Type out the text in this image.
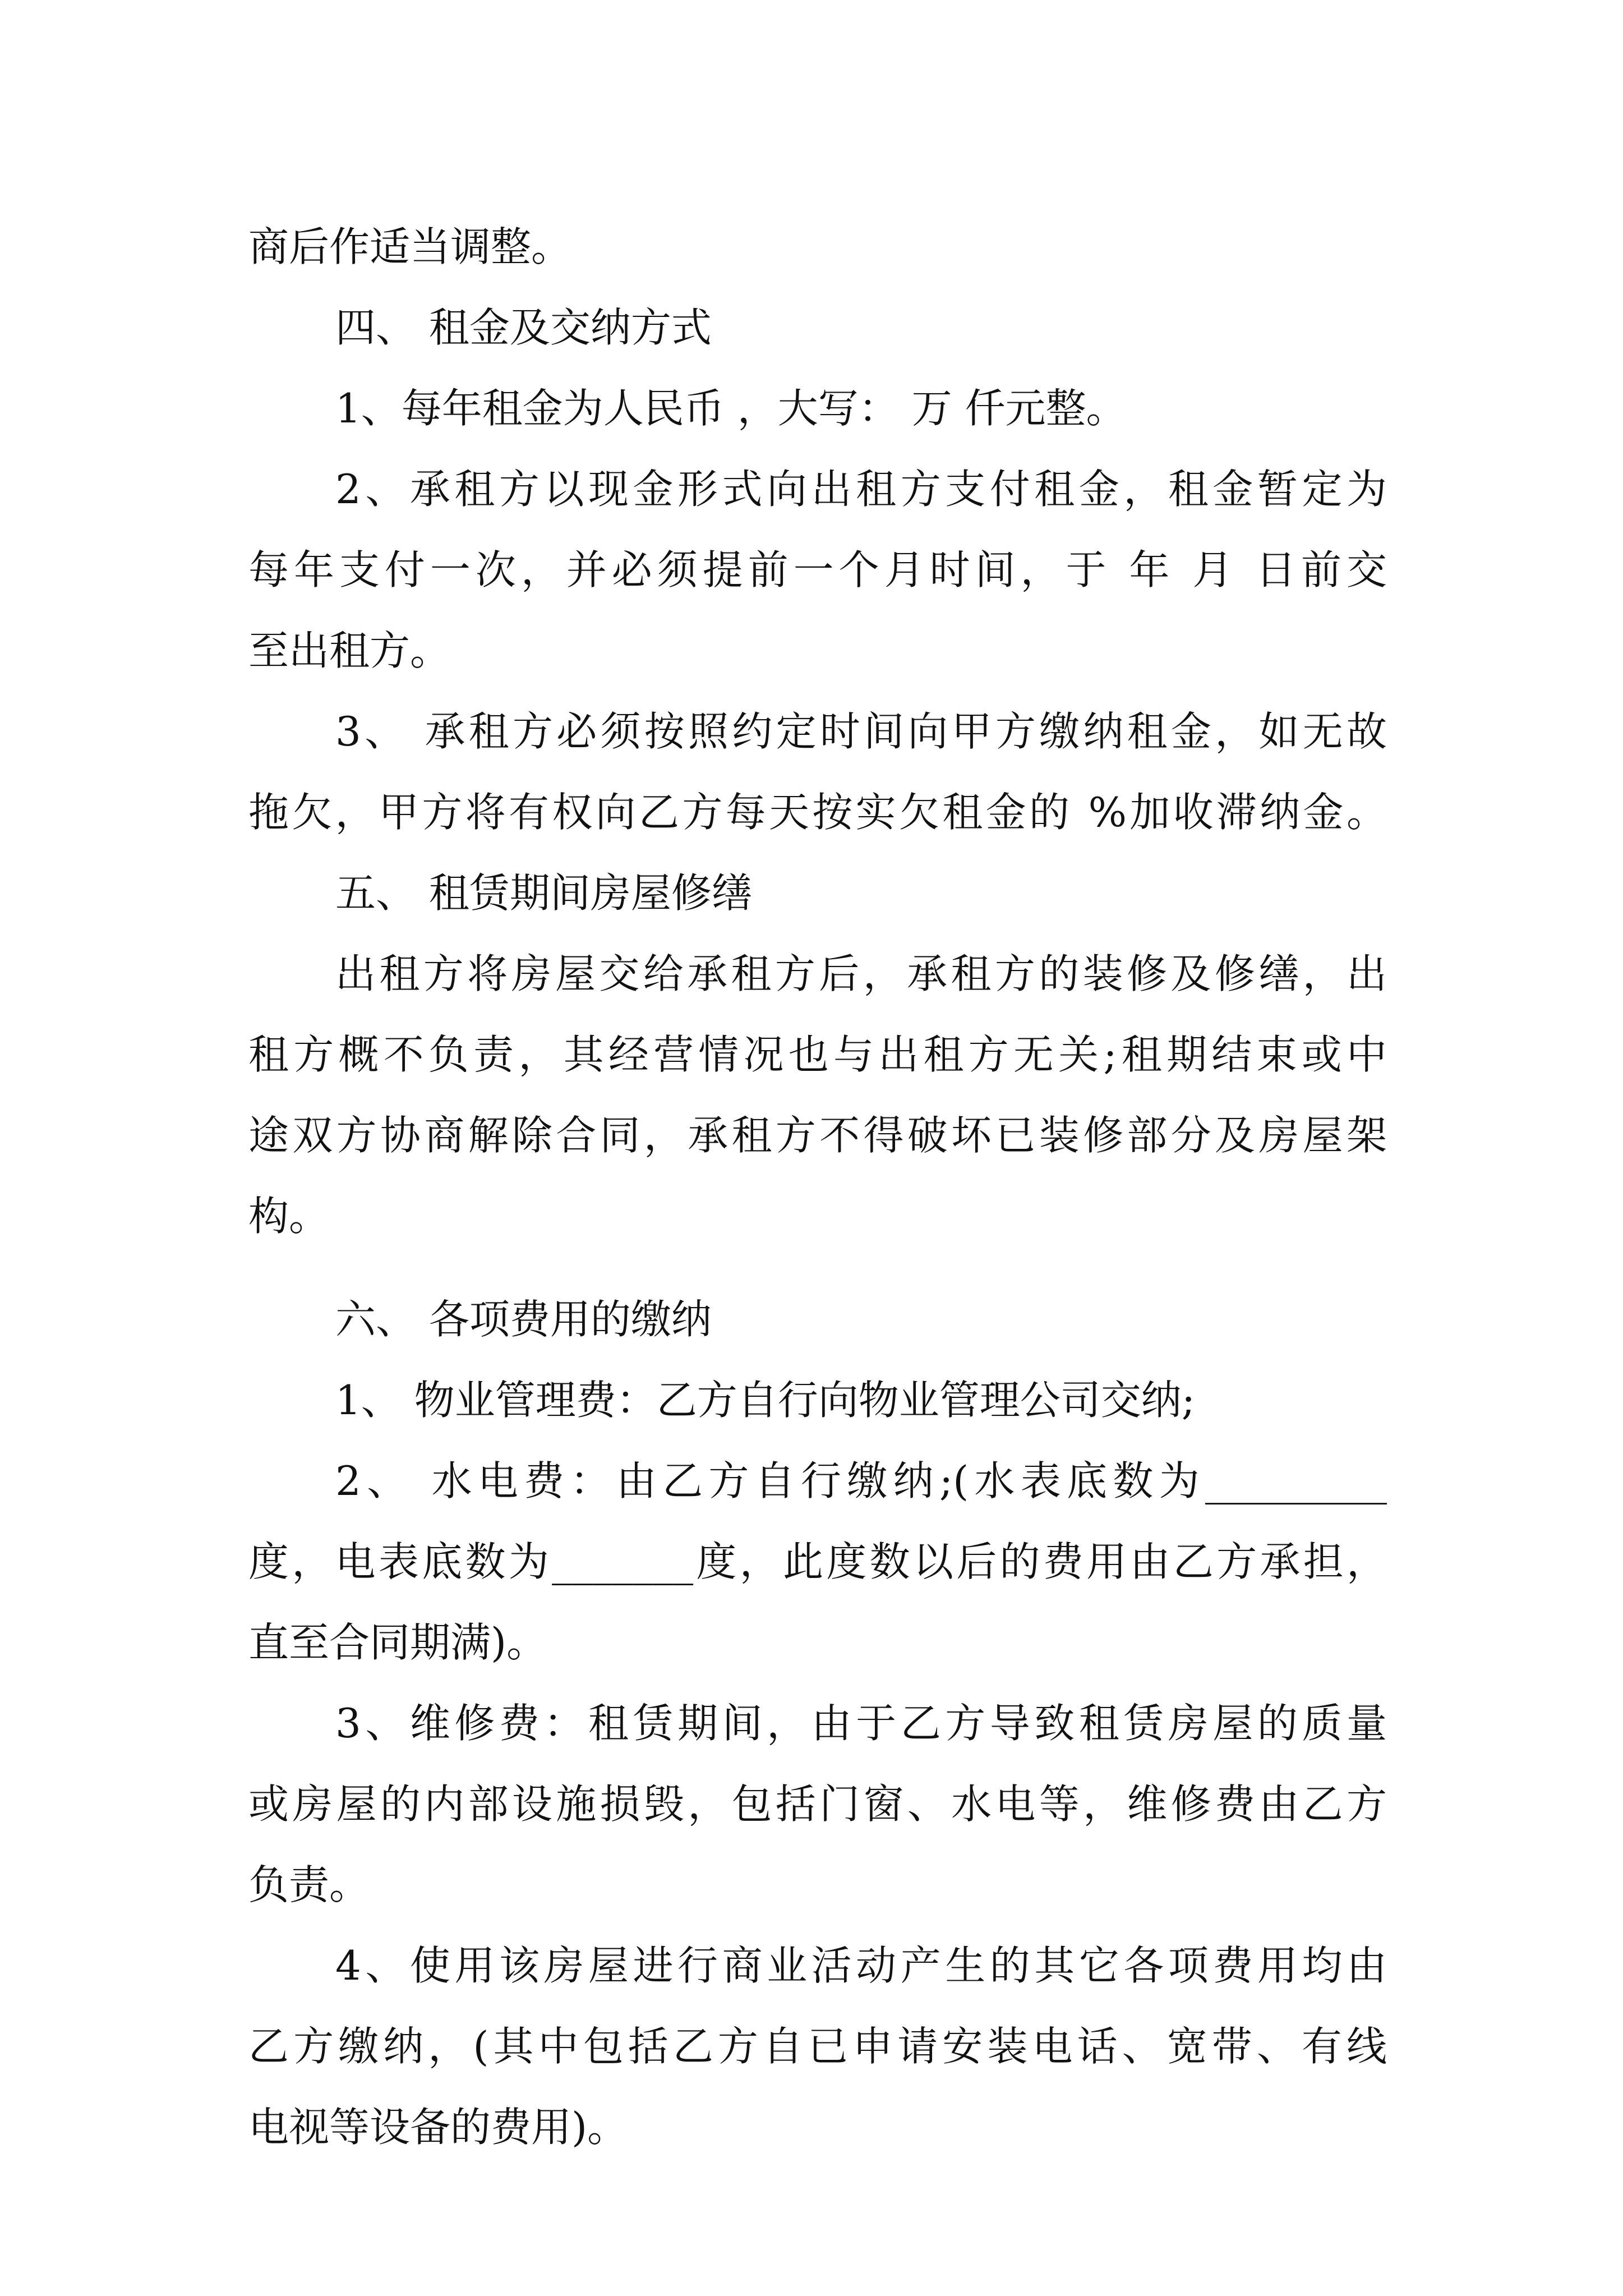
商后作适当调整。
四、 租金及交纳方式
1、每年租金为人民币 ，大写： 万 仟元整。
2、承租方以现金形式向出租方支付租金，租金暂定为
每年支付一次，并必须提前一个月时间，于 年 月 日前交
至出租方。
3、 承租方必须按照约定时间向甲方缴纳租金，如无故
拖欠，甲方将有权向乙方每天按实欠租金的 %加收滞纳金。
五、 租赁期间房屋修缮
出租方将房屋交给承租方后，承租方的装修及修缮，出
租方概不负责，其经营情况也与出租方无关;租期结束或中
途双方协商解除合同，承租方不得破坏已装修部分及房屋架
构。
六、 各项费用的缴纳
1、 物业管理费：乙方自行向物业管理公司交纳;
2、 水电费：由乙方自行缴纳;(水表底数为_________
度，电表底数为_______度，此度数以后的费用由乙方承担，
直至合同期满)。
3、维修费：租赁期间，由于乙方导致租赁房屋的质量
或房屋的内部设施损毁，包括门窗、水电等，维修费由乙方
负责。
4、使用该房屋进行商业活动产生的其它各项费用均由
乙方缴纳，(其中包括乙方自已申请安装电话、宽带、有线
电视等设备的费用)。
